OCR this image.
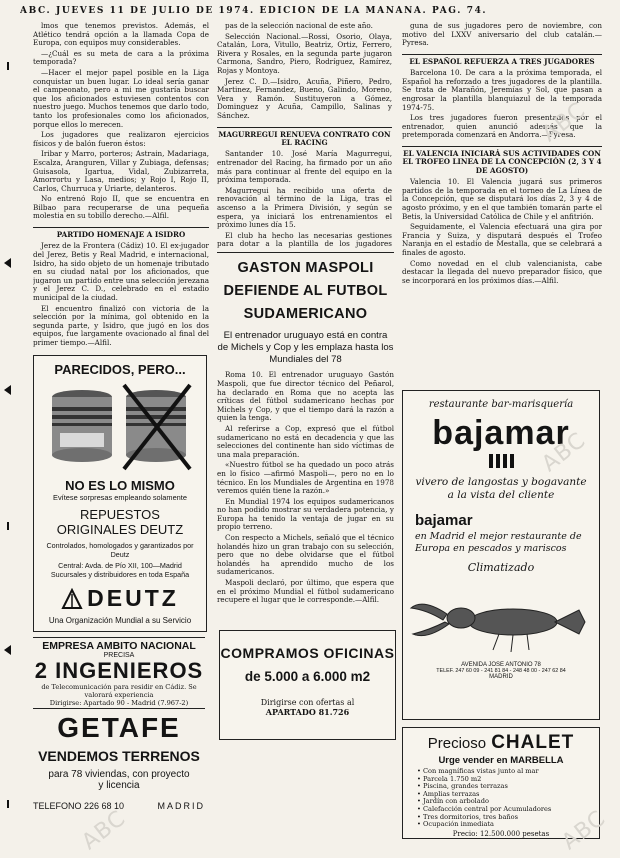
ABC. JUEVES 11 DE JULIO DE 1974. EDICION DE LA MAÑANA. PAG. 74.

lmos que tenemos previstos. Además, el Atlético tendrá opción a la llamada Copa de Europa, con equipos muy considerables.

—¿Cuál es su meta de cara a la próxima temporada?

—Hacer el mejor papel posible en la Liga conquistar un buen lugar. Lo ideal sería ganar el campeonato, pero a mi me gustaría buscar que los aficionados estuviesen contentos con nuestro juego. Muchos tenemos que darlo todo, tanto los profesionales como los aficionados, porque ellos lo merecen.

Los jugadores que realizaron ejercicios físicos y de balón fueron éstos:

Iribar y Marro, porteros; Astrain, Madariaga, Escalza, Aranguren, Villar y Zubiaga, defensas; Guisasola, Igartua, Vidal, Zubizarreta, Amorrortu y Lasa, medios; y Rojo I, Rojo II, Carlos, Churruca y Uriarte, delanteros.

No entrenó Rojo II, que se encuentra en Bilbao para recuperarse de una pequeña molestia en su tobillo derecho.—Alfil.

PARTIDO HOMENAJE A ISIDRO

Jerez de la Frontera (Cádiz) 10. El ex-jugador del Jerez, Betis y Real Madrid, e internacional, Isidro, ha sido objeto de un homenaje tributado en su ciudad natal por los aficionados, que jugaron un partido entre una selección jerezana y el Jerez C. D., celebrado en el estadio municipal de la ciudad.

El encuentro finalizó con victoria de la selección por la mínima, gol obtenido en la segunda parte, y Isidro, que jugó en los dos equipos, fue largamente ovacionado al final del primer tiempo.—Alfil.

pas de la selección nacional de este año.

Selección Nacional.—Rossi, Osorio, Olaya, Catalán, Lora, Vitullo, Beatriz, Ortiz, Ferrero, Rivera y Rosales, en la segunda parte jugaron Carmona, Sandro, Piero, Rodríguez, Ramírez, Rojas y Montoya.

Jerez C. D.—Isidro, Acuña, Piñero, Pedro, Martinez, Fernandez, Bueno, Galindo, Moreno, Vera y Ramón. Sustituyeron a Gómez, Dominguez y Acuña, Campillo, Salinas y Sánchez.

MAGURREGUI RENUEVA CONTRATO CON EL RACING

Santander 10. José María Magurregui, entrenador del Racing, ha firmado por un año más para continuar al frente del equipo en la próxima temporada.

Magurregui ha recibido una oferta de renovación al término de la Liga, tras el ascenso a la Primera División, y según se espera, ya iniciará los entrenamientos el próximo lunes día 15.

El club ha hecho las necesarias gestiones para dotar a la plantilla de los jugadores

GASTON MASPOLI DEFIENDE AL FUTBOL SUDAMERICANO
El entrenador uruguayo está en contra de Michels y Cop y les emplaza hasta los Mundiales del 78

Roma 10. El entrenador uruguayo Gastón Maspoli, que fue director técnico del Peñarol, ha declarado en Roma que no acepta las críticas del fútbol sudamericano hechas por Michels y Cop, y que el tiempo dará la razón a quien la tenga.

Al referirse a Cop, expresó que el fútbol sudamericano no está en decadencia y que las selecciones del continente han sido víctimas de una mala preparación.

«Nuestro fútbol se ha quedado un poco atrás en lo físico —afirmó Maspoli—, pero no en lo técnico. En los Mundiales de Argentina en 1978 veremos quién tiene la razón.»

En Mundial 1974 los equipos sudamericanos no han podido mostrar su verdadera potencia, y Europa ha tenido la ventaja de jugar en su propio terreno.

Con respecto a Michels, señaló que el técnico holandés hizo un gran trabajo con su selección, pero que no debe olvidarse que el fútbol holandés ha aprendido mucho de los sudamericanos.

Maspoli declaró, por último, que espera que en el próximo Mundial el fútbol sudamericano recupere el lugar que le corresponde.—Alfil.

guna de sus jugadores pero de noviembre, con motivo del LXXV aniversario del club catalán.—Pyresa.

EL ESPAÑOL REFUERZA A TRES JUGADORES

Barcelona 10. De cara a la próxima temporada, el Español ha reforzado a tres jugadores de la plantilla. Se trata de Marañón, Jeremías y Sol, que pasan a engrosar la plantilla blanquiazul de la temporada 1974-75.

Los tres jugadores fueron presentados por el entrenador, quien anunció además que la pretemporada comenzará en Andorra.—Pyresa.

EL VALENCIA INICIARÁ SUS ACTIVIDADES CON EL TROFEO LINEA DE LA CONCEPCIÓN (2, 3 Y 4 DE AGOSTO)

Valencia 10. El Valencia jugará sus primeros partidos de la temporada en el torneo de La Línea de la Concepción, que se disputará los días 2, 3 y 4 de agosto próximo, y en el que también tomarán parte el Betis, la Universidad Católica de Chile y el anfitrión.

Seguidamente, el Valencia efectuará una gira por Francia y Suiza, y disputará después el Trofeo Naranja en el estadio de Mestalla, que se celebrará a finales de agosto.

Como novedad en el club valencianista, cabe destacar la llegada del nuevo preparador físico, que se incorporará en los próximos días.—Alfil.

PARECIDOS, PERO...
NO ES LO MISMO
Evítese sorpresas empleando solamente
REPUESTOS
ORIGINALES DEUTZ
Controlados, homologados y garantizados por Deutz
Central: Avda. de Pío XII, 100—Madrid
Sucursales y distribuidores en toda España
DEUTZ
Una Organización Mundial a su Servicio
EMPRESA AMBITO NACIONAL
PRECISA
2 INGENIEROS
de Telecomunicación para residir en Cádiz. Se valorará experiencia
Dirigirse: Apartado 90 - Madrid (7.967-2)
GETAFE
VENDEMOS TERRENOS
para 78 viviendas, con proyecto
y licencia
TELEFONO 226 68 10	MADRID
COMPRAMOS OFICINAS
de 5.000 a 6.000 m2
Dirigirse con ofertas al
APARTADO 81.726
restaurante bar-marisquería
bajamar
vivero de langostas y bogavante a la vista del cliente
bajamar
en Madrid el mejor restaurante de Europa en pescados y mariscos
Climatizado
AVENIDA JOSE ANTONIO 78
TELEF. 247 60 09 - 241 81 84 - 248 48 00 - 247 62 84
MADRID
Precioso CHALET
Urge vender en MARBELLA
• Con magníficas vistas junto al mar
• Parcela 1.750 m2
• Piscina, grandes terrazas
• Amplias terrazas
• Jardín con arbolado
• Calefacción central por Acumuladores
• Tres dormitorios, tres baños
• Ocupación inmediata
Precio: 12.500.000 pesetas
ABC
ABC
ABC	ABC
